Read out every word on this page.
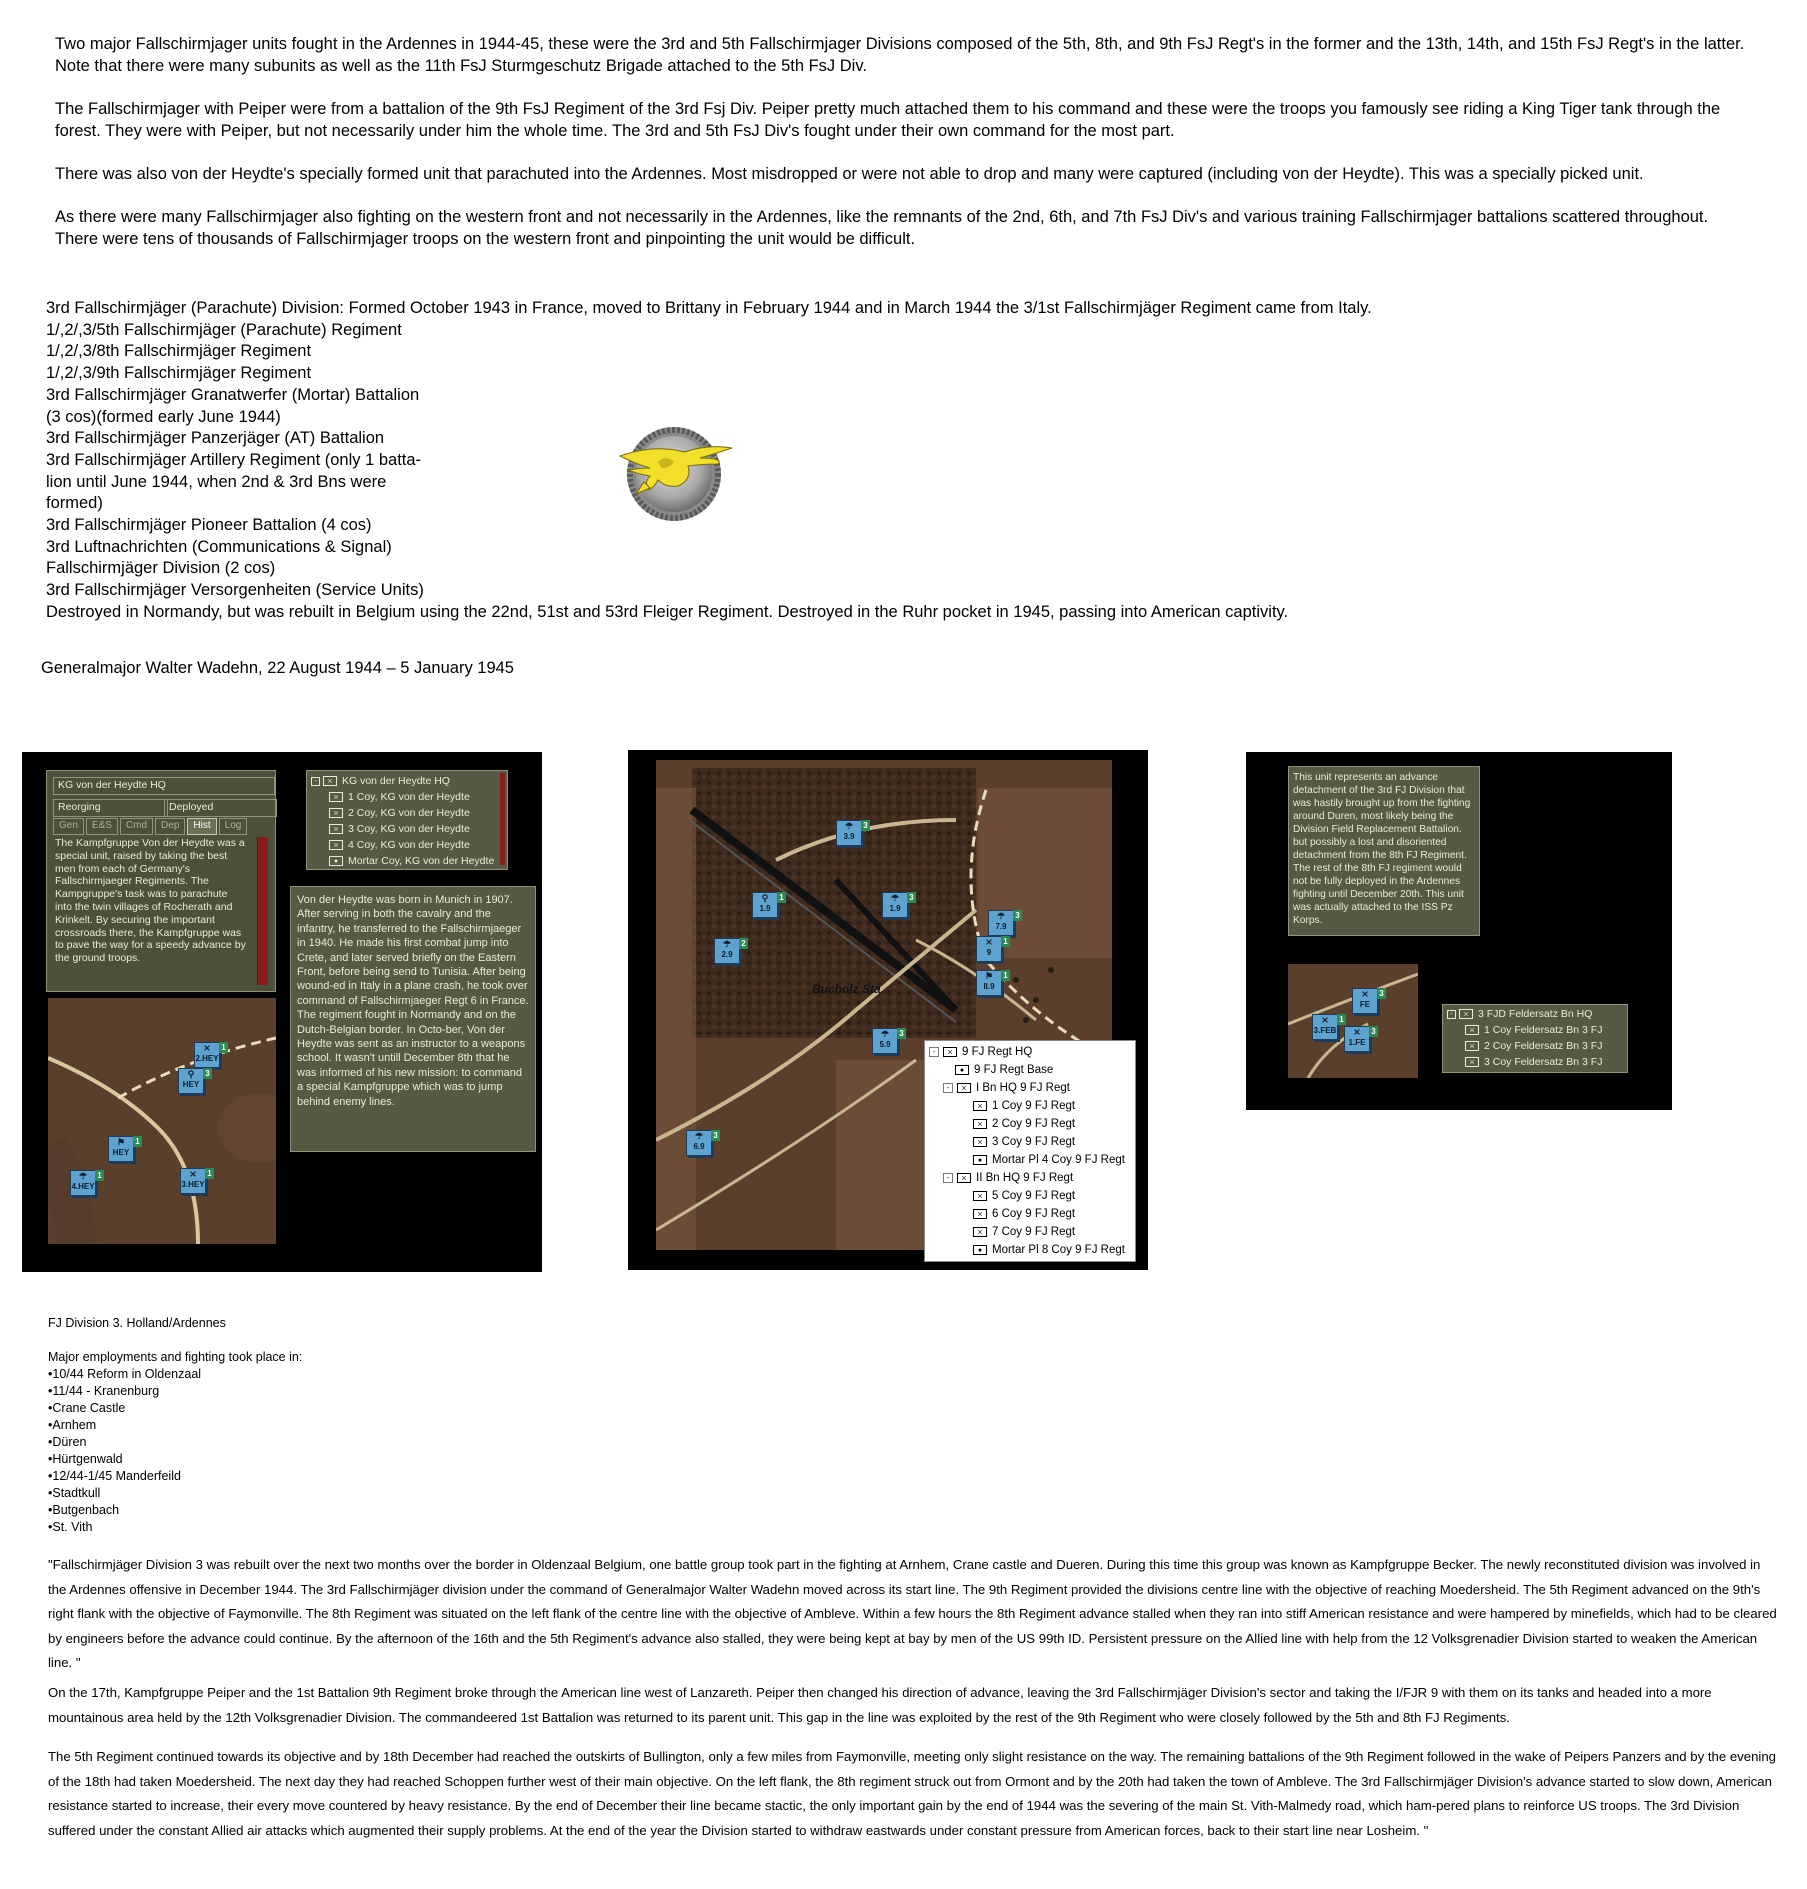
Two major Fallschirmjager units fought in the Ardennes in 1944-45, these were the 3rd and 5th Fallschirmjager Divisions composed of the 5th, 8th, and 9th FsJ Regt's in the former and the 13th, 14th, and 15th FsJ Regt's in the latter. Note that there were many subunits as well as the 11th FsJ Sturmgeschutz Brigade attached to the 5th FsJ Div.

The Fallschirmjager with Peiper were from a battalion of the 9th FsJ Regiment of the 3rd Fsj Div. Peiper pretty much attached them to his command and these were the troops you famously see riding a King Tiger tank through the forest. They were with Peiper, but not necessarily under him the whole time. The 3rd and 5th FsJ Div's fought under their own command for the most part.

There was also von der Heydte's specially formed unit that parachuted into the Ardennes. Most misdropped or were not able to drop and many were captured (including von der Heydte). This was a specially picked unit.

As there were many Fallschirmjager also fighting on the western front and not necessarily in the Ardennes, like the remnants of the 2nd, 6th, and 7th FsJ Div's and various training Fallschirmjager battalions scattered throughout. There were tens of thousands of Fallschirmjager troops on the western front and pinpointing the unit would be difficult.

3rd Fallschirmjäger (Parachute) Division: Formed October 1943 in France, moved to Brittany in February 1944 and in March 1944 the 3/1st Fallschirmjäger Regiment came from Italy.
1/,2/,3/5th Fallschirmjäger (Parachute) Regiment
1/,2/,3/8th Fallschirmjäger Regiment
1/,2/,3/9th Fallschirmjäger Regiment
3rd Fallschirmjäger Granatwerfer (Mortar) Battalion
(3 cos)(formed early June 1944)
3rd Fallschirmjäger Panzerjäger (AT) Battalion
3rd Fallschirmjäger Artillery Regiment (only 1 batta-
lion until June 1944, when 2nd & 3rd Bns were
formed)
3rd Fallschirmjäger Pioneer Battalion (4 cos)
3rd Luftnachrichten (Communications & Signal)
Fallschirmjäger Division (2 cos)
3rd Fallschirmjäger Versorgenheiten (Service Units)
Destroyed in Normandy, but was rebuilt in Belgium using the 22nd, 51st and 53rd Fleiger Regiment. Destroyed in the Ruhr pocket in 1945, passing into American captivity.
Generalmajor Walter Wadehn, 22 August 1944 – 5 January 1945
KG von der Heydte HQ
Reorging	Deployed
Gen	E&S	Cmd	Dep	Hist	Log
The Kampfgruppe Von der Heydte was a special unit, raised by taking the best men from each of Germany's Fallschirmjaeger Regiments. The Kampgruppe's task was to parachute into the twin villages of Rocherath and Krinkelt. By securing the important crossroads there, the Kampfgruppe was to pave the way for a speedy advance by the ground troops.
-	⨯ KG von der Heydte HQ
⨯ 1 Coy, KG von der Heydte
⨯ 2 Coy, KG von der Heydte
⨯ 3 Coy, KG von der Heydte
⨯ 4 Coy, KG von der Heydte
● Mortar Coy, KG von der Heydte
Von der Heydte was born in Munich in 1907. After serving in both the cavalry and the infantry, he transferred to the Fallschirmjaeger in 1940. He made his first combat jump into Crete, and later served briefly on the Eastern Front, before being send to Tunisia. After being wound-ed in Italy in a plane crash, he took over command of Fallschirmjaeger Regt 6 in France. The regiment fought in Normandy and on the Dutch-Belgian border. In Octo-ber, Von der Heydte was sent as an instructor to a weapons school. It wasn't untill December 8th that he was informed of his new mission: to command a special Kampfgruppe which was to jump behind enemy lines.
⨯
2.HEY
1
⚲
HEY
3
⚑
HEY
1
☂
4.HEY
1	⨯
3.HEY
1
Bucholz Sta.
☂
3.9
3
⚲
1.9
1	☂
1.9
3
☂
2.9
2
☂
7.9
3
⨯
9
1
⚑
II.9
1
☂
5.9
3
☂
6.9
3
-	⨯ 9 FJ Regt HQ
● 9 FJ Regt Base
-	⨯ I Bn HQ 9 FJ Regt
⨯ 1 Coy 9 FJ Regt
⨯ 2 Coy 9 FJ Regt
⨯ 3 Coy 9 FJ Regt
● Mortar Pl 4 Coy 9 FJ Regt
-	⨯ II Bn HQ 9 FJ Regt
⨯ 5 Coy 9 FJ Regt
⨯ 6 Coy 9 FJ Regt
⨯ 7 Coy 9 FJ Regt
● Mortar Pl 8 Coy 9 FJ Regt
This unit represents an advance detachment of the 3rd FJ Division that was hastily brought up from the fighting around Duren, most likely being the Division Field Replacement Battalion. but possibly a lost and disoriented detachment from the 8th FJ Regiment. The rest of the 8th FJ regiment would not be fully deployed in the Ardennes fighting until December 20th. This unit was actually attached to the ISS Pz Korps.
⨯
3.FEB
1
⨯
FE
3
⨯
1.FE
3
-	⨯ 3 FJD Feldersatz Bn HQ
⨯ 1 Coy Feldersatz Bn 3 FJ
⨯ 2 Coy Feldersatz Bn 3 FJ
⨯ 3 Coy Feldersatz Bn 3 FJ
FJ Division 3. Holland/Ardennes
Major employments and fighting took place in:
•10/44 Reform in Oldenzaal
•11/44 - Kranenburg
•Crane Castle
•Arnhem
•Düren
•Hürtgenwald
•12/44-1/45 Manderfeild
•Stadtkull
•Butgenbach
•St. Vith

"Fallschirmjäger Division 3 was rebuilt over the next two months over the border in Oldenzaal Belgium, one battle group took part in the fighting at Arnhem, Crane castle and Dueren. During this time this group was known as Kampfgruppe Becker. The newly reconstituted division was involved in the Ardennes offensive in December 1944. The 3rd Fallschirmjäger division under the command of Generalmajor Walter Wadehn moved across its start line. The 9th Regiment provided the divisions centre line with the objective of reaching Moedersheid. The 5th Regiment advanced on the 9th's right flank with the objective of Faymonville. The 8th Regiment was situated on the left flank of the centre line with the objective of Ambleve. Within a few hours the 8th Regiment advance stalled when they ran into stiff American resistance and were hampered by minefields, which had to be cleared by engineers before the advance could continue. By the afternoon of the 16th and the 5th Regiment's advance also stalled, they were being kept at bay by men of the US 99th ID. Persistent pressure on the Allied line with help from the 12 Volksgrenadier Division started to weaken the American line. "

On the 17th, Kampfgruppe Peiper and the 1st Battalion 9th Regiment broke through the American line west of Lanzareth. Peiper then changed his direction of advance, leaving the 3rd Fallschirmjäger Division's sector and taking the I/FJR 9 with them on its tanks and headed into a more mountainous area held by the 12th Volksgrenadier Division. The commandeered 1st Battalion was returned to its parent unit. This gap in the line was exploited by the rest of the 9th Regiment who were closely followed by the 5th and 8th FJ Regiments.

The 5th Regiment continued towards its objective and by 18th December had reached the outskirts of Bullington, only a few miles from Faymonville, meeting only slight resistance on the way. The remaining battalions of the 9th Regiment followed in the wake of Peipers Panzers and by the evening of the 18th had taken Moedersheid. The next day they had reached Schoppen further west of their main objective. On the left flank, the 8th regiment struck out from Ormont and by the 20th had taken the town of Ambleve. The 3rd Fallschirmjäger Division's advance started to slow down, American resistance started to increase, their every move countered by heavy resistance. By the end of December their line became stactic, the only important gain by the end of 1944 was the severing of the main St. Vith-Malmedy road, which ham-pered plans to reinforce US troops. The 3rd Division suffered under the constant Allied air attacks which augmented their supply problems. At the end of the year the Division started to withdraw eastwards under constant pressure from American forces, back to their start line near Losheim. "
